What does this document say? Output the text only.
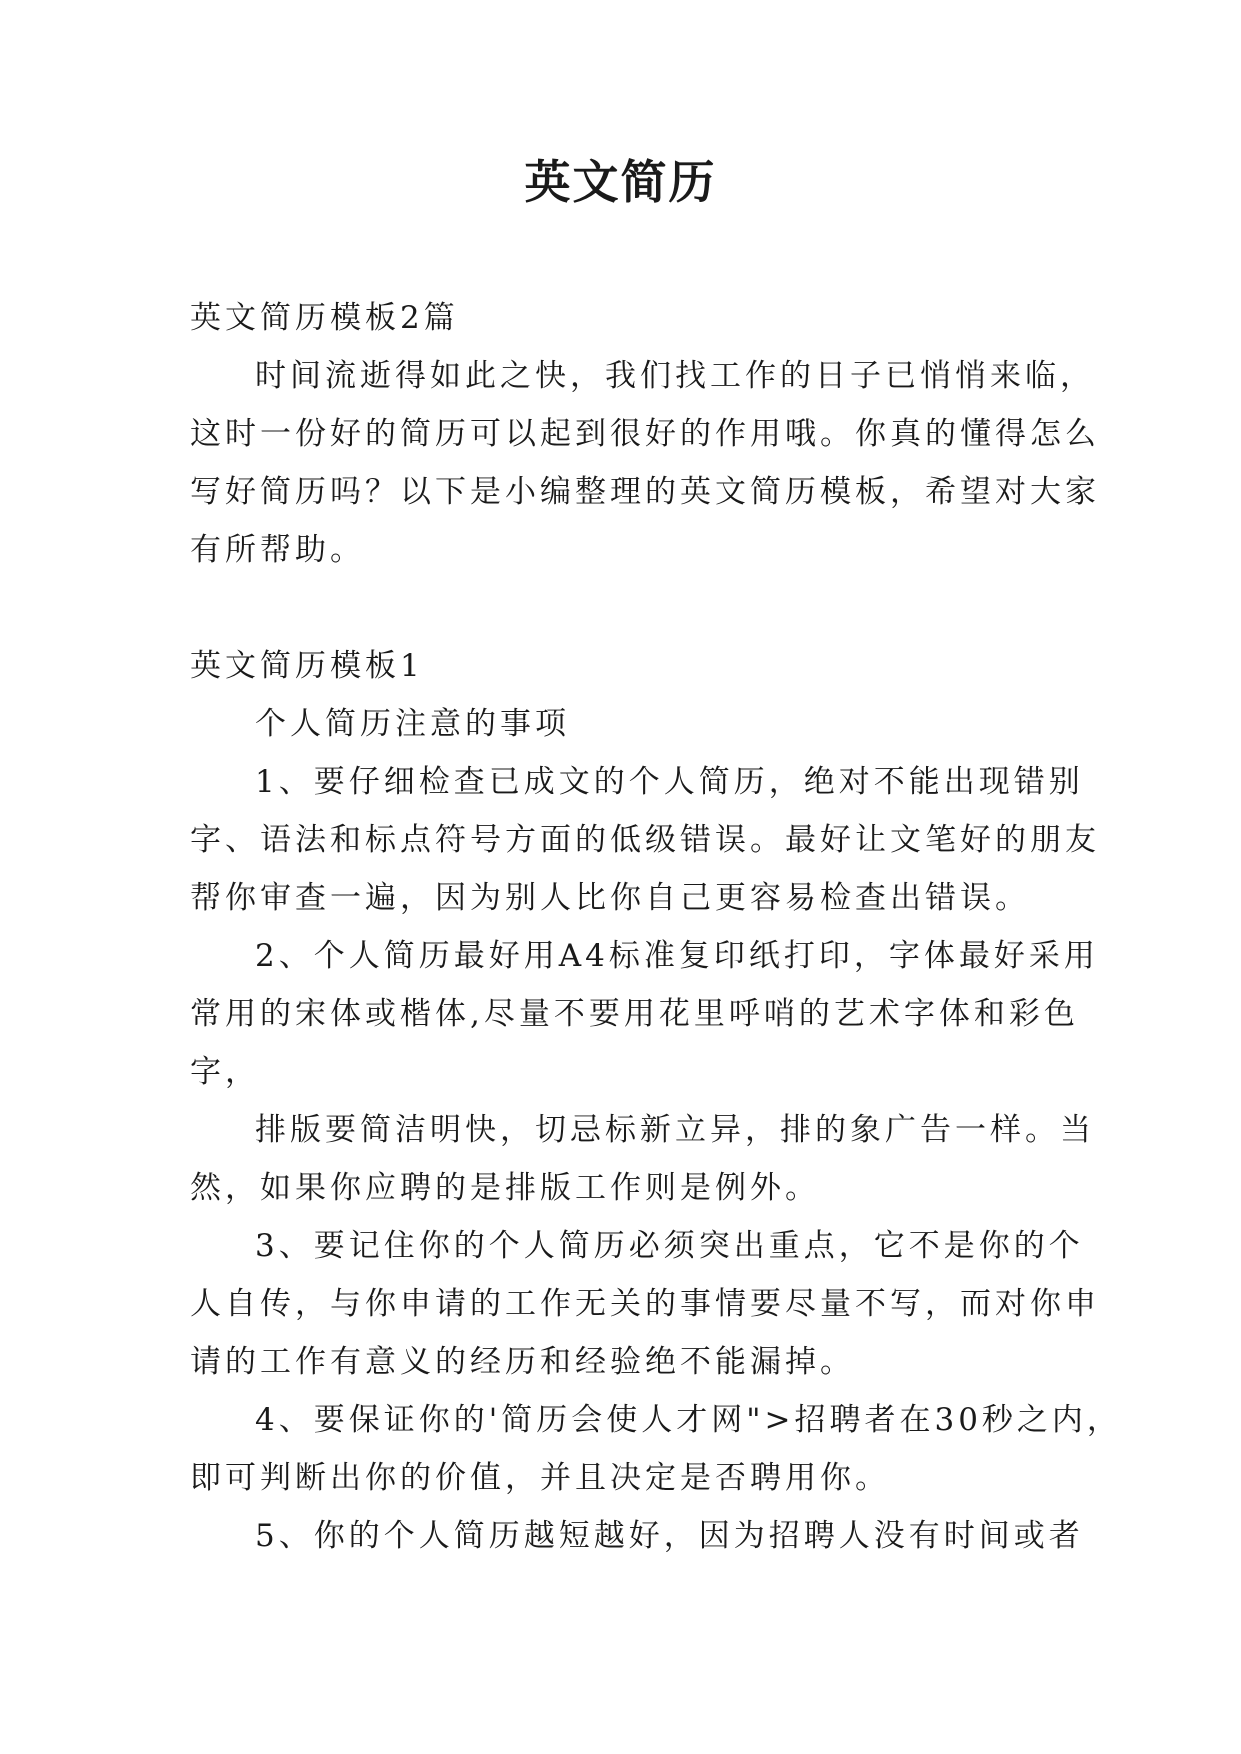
英文简历
英文简历模板2篇
时间流逝得如此之快，我们找工作的日子已悄悄来临，
这时一份好的简历可以起到很好的作用哦。你真的懂得怎么
写好简历吗？以下是小编整理的英文简历模板，希望对大家
有所帮助。
英文简历模板1
个人简历注意的事项
1、要仔细检查已成文的个人简历，绝对不能出现错别
字、语法和标点符号方面的低级错误。最好让文笔好的朋友
帮你审查一遍，因为别人比你自己更容易检查出错误。
2、个人简历最好用A4标准复印纸打印，字体最好采用
常用的宋体或楷体,尽量不要用花里呼哨的艺术字体和彩色
字，
排版要简洁明快，切忌标新立异，排的象广告一样。当
然，如果你应聘的是排版工作则是例外。
3、要记住你的个人简历必须突出重点，它不是你的个
人自传，与你申请的工作无关的事情要尽量不写，而对你申
请的工作有意义的经历和经验绝不能漏掉。
4、要保证你的'简历会使人才网">招聘者在30秒之内，
即可判断出你的价值，并且决定是否聘用你。
5、你的个人简历越短越好，因为招聘人没有时间或者
